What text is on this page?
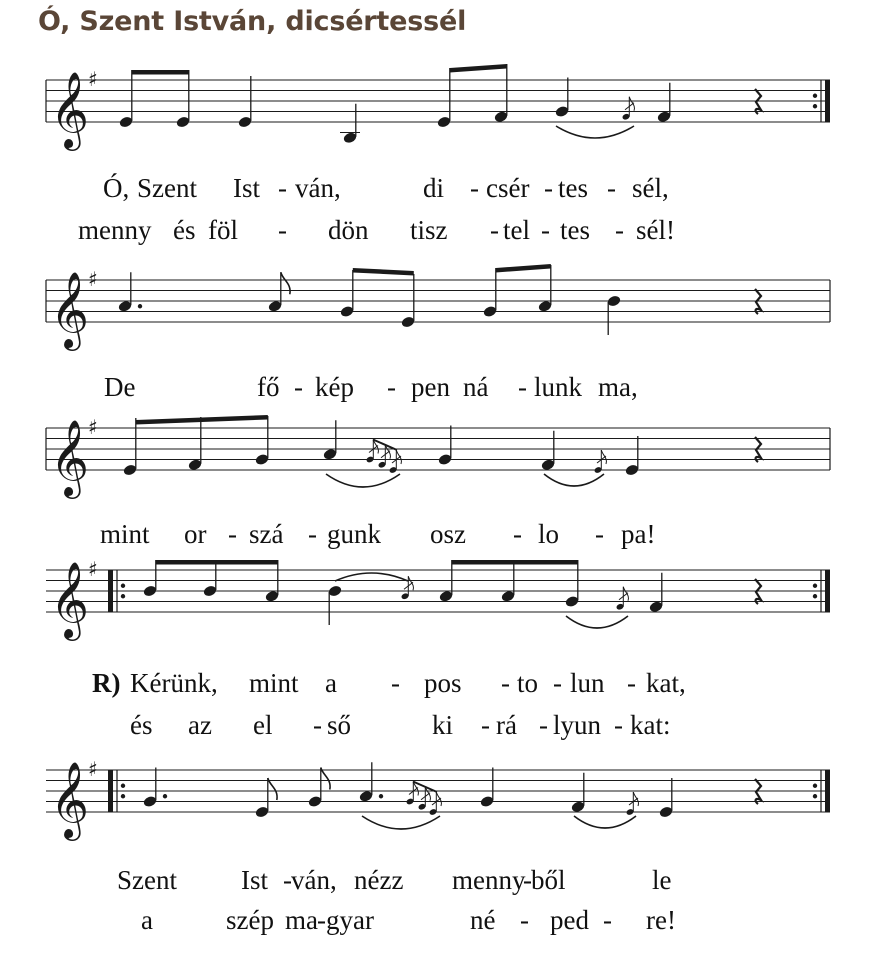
Ó, Szent István, dicsértessél
𝄞
♯
𝄞
♯
𝄞
♯
𝄞
♯
𝄞
♯
Ó, Szent Ist - ván,	di - csér - tes - sél,
menny és föl - dön tisz - tel - tes - sél!
De	fő - kép - pen ná - lunk ma,
mint or - szá - gunk osz - lo - pa!
Kérünk, mint a - pos - to - lun - kat,
és az el - ső	ki - rá - lyun - kat:
R)
Szent Ist - ván, nézz menny
- ből	le
a	szép ma - gyar	né - ped - re!
